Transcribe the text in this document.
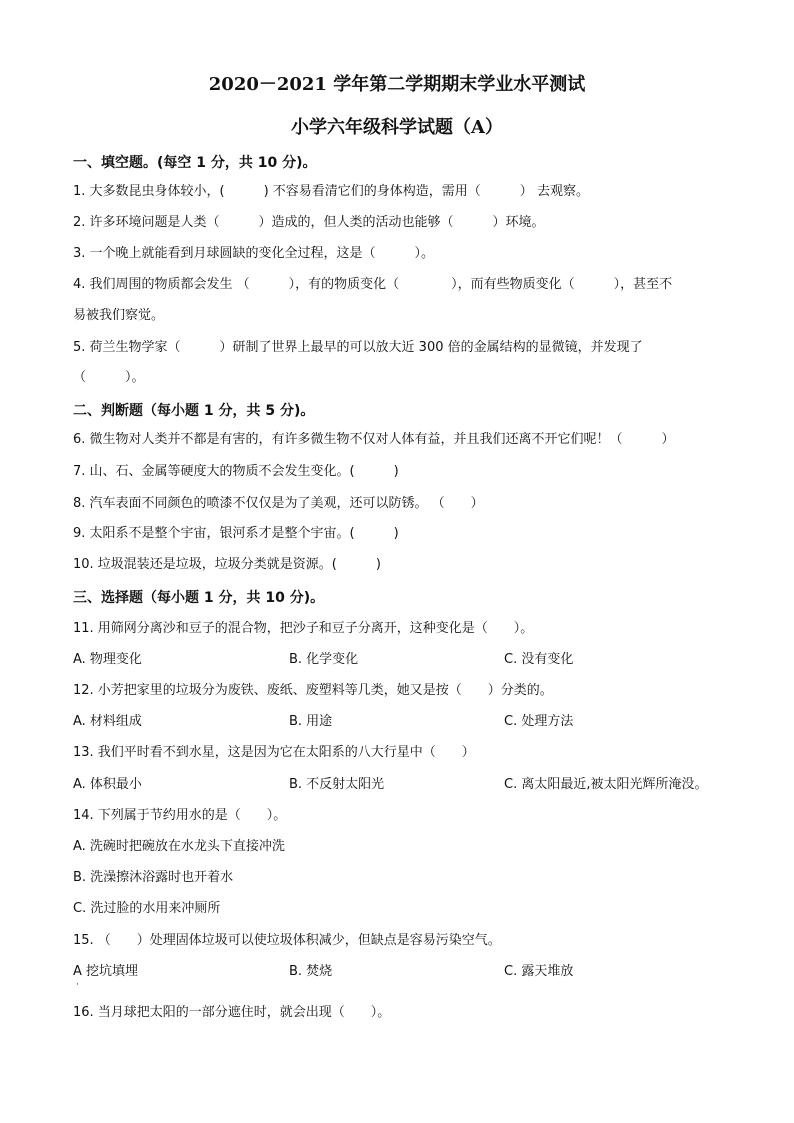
2020－2021 学年第二学期期末学业水平测试
小学六年级科学试题（A）
一、填空题。(每空 1 分，共 10 分)。
1. 大多数昆虫身体较小，(　　　) 不容易看清它们的身体构造，需用（　　　） 去观察。
2. 许多环境问题是人类（　　　）造成的，但人类的活动也能够（　　　）环境。
3. 一个晚上就能看到月球圆缺的变化全过程，这是（　　　）。
4. 我们周围的物质都会发生 （　　　），有的物质变化（　　　　），而有些物质变化（　　　），甚至不
易被我们察觉。
5. 荷兰生物学家（　　　）研制了世界上最早的可以放大近 300 倍的金属结构的显微镜，并发现了
（　　　）。
二、判断题（每小题 1 分，共 5 分)。
6. 微生物对人类并不都是有害的，有许多微生物不仅对人体有益，并且我们还离不开它们呢！（　　　）
7. 山、石、金属等硬度大的物质不会发生变化。(　　　)
8. 汽车表面不同颜色的喷漆不仅仅是为了美观，还可以防锈。 （　　）
9. 太阳系不是整个宇宙，银河系才是整个宇宙。(　　　)
10. 垃圾混装还是垃圾，垃圾分类就是资源。(　　　)
三、选择题（每小题 1 分，共 10 分)。
11. 用筛网分离沙和豆子的混合物，把沙子和豆子分离开，这种变化是（　　）。
A. 物理变化	B. 化学变化	C. 没有变化
12. 小芳把家里的垃圾分为废铁、废纸、废塑料等几类，她又是按（　　）分类的。
A. 材料组成	B. 用途	C. 处理方法
13. 我们平时看不到水星，这是因为它在太阳系的八大行星中（　　）
A. 体积最小	B. 不反射太阳光	C. 离太阳最近,被太阳光辉所淹没。
14. 下列属于节约用水的是（　　）。
A. 洗碗时把碗放在水龙头下直接冲洗
B. 洗澡擦沐浴露时也开着水
C. 洗过脸的水用来冲厕所
15. （　　）处理固体垃圾可以使垃圾体积减少，但缺点是容易污染空气。
A 挖坑填埋	B. 焚烧	C. 露天堆放
·
16. 当月球把太阳的一部分遮住时，就会出现（　　）。
